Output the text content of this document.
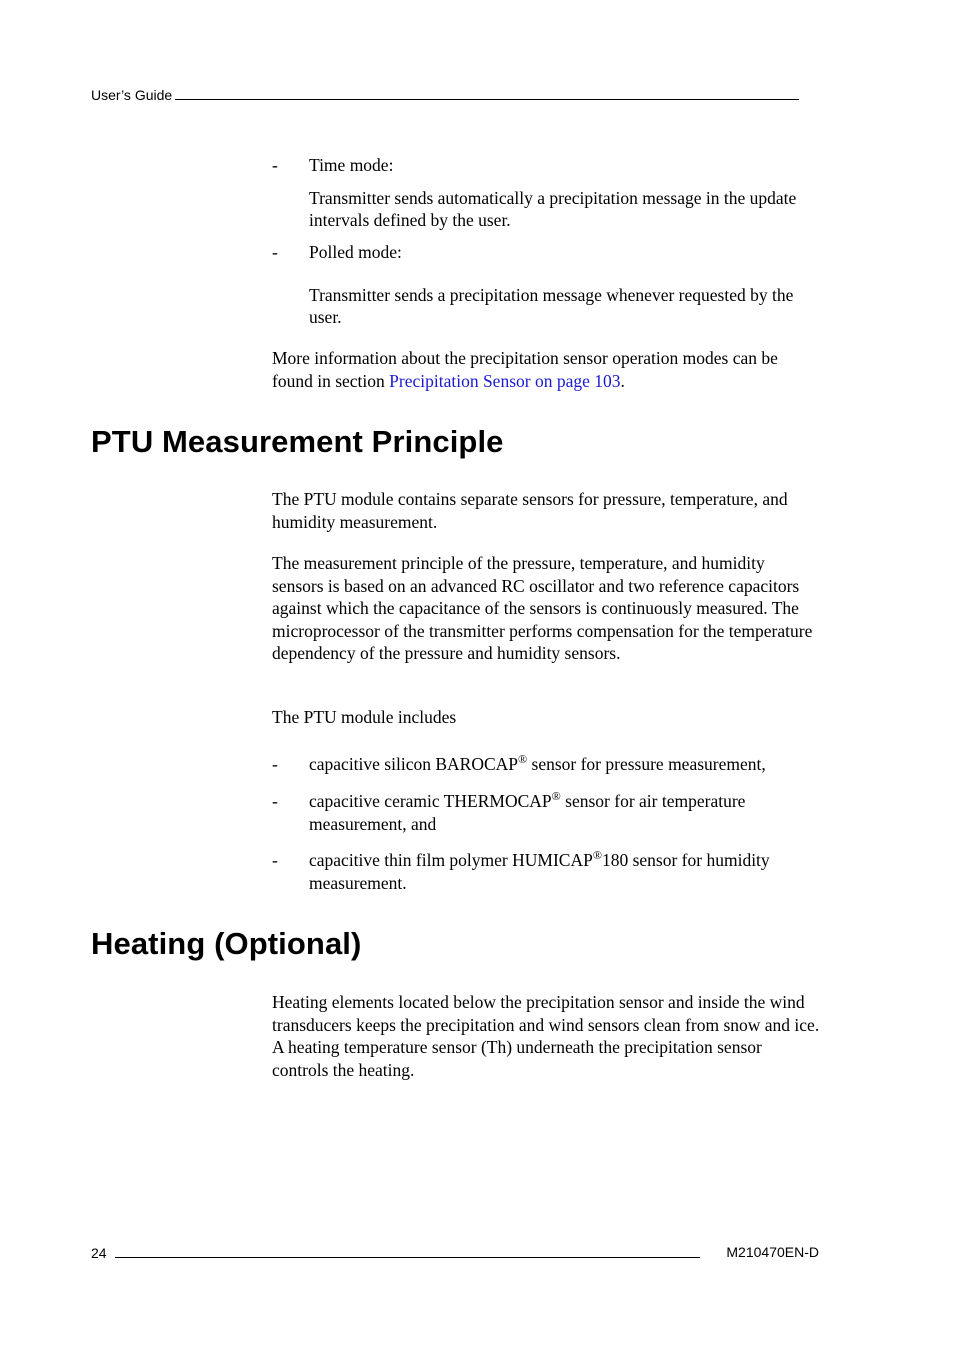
User’s Guide
- Time mode:

Transmitter sends automatically a precipitation message in the update intervals defined by the user.

- Polled mode:

Transmitter sends a precipitation message whenever requested by the user.

More information about the precipitation sensor operation modes can be found in section Precipitation Sensor on page 103.

PTU Measurement Principle
The PTU module contains separate sensors for pressure, temperature, and humidity measurement.
The measurement principle of the pressure, temperature, and humidity sensors is based on an advanced RC oscillator and two reference capacitors against which the capacitance of the sensors is continuously measured. The microprocessor of the transmitter performs compensation for the temperature dependency of the pressure and humidity sensors.
The PTU module includes
- capacitive silicon BAROCAP® sensor for pressure measurement,
- capacitive ceramic THERMOCAP® sensor for air temperature measurement, and
- capacitive thin film polymer HUMICAP®180 sensor for humidity measurement.
Heating (Optional)
Heating elements located below the precipitation sensor and inside the wind transducers keeps the precipitation and wind sensors clean from snow and ice. A heating temperature sensor (Th) underneath the precipitation sensor controls the heating.
24	M210470EN-D
